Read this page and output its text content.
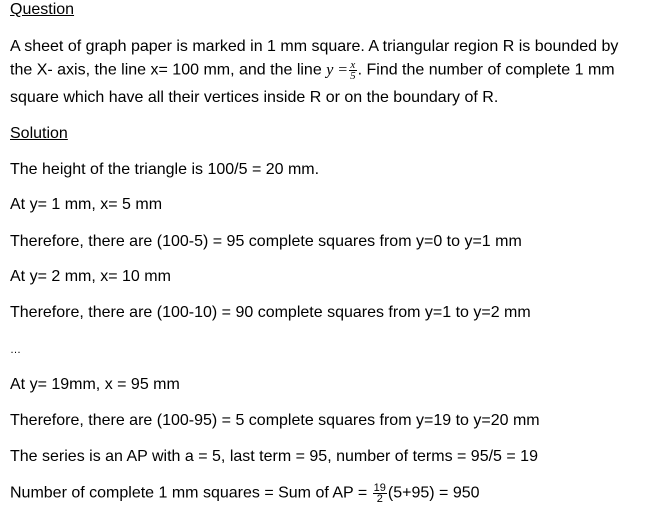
Question
A sheet of graph paper is marked in 1 mm square. A triangular region R is bounded by
the X- axis, the line x= 100 mm, and the line $y = \frac{x}{5}$ . Find the number of complete 1 mm
square which have all their vertices inside R or on the boundary of R.
Solution
The height of the triangle is 100/5 = 20 mm.
At y= 1 mm, x= 5 mm
Therefore, there are (100-5) = 95 complete squares from y=0 to y=1 mm
At y= 2 mm, x= 10 mm
Therefore, there are (100-10) = 90 complete squares from y=1 to y=2 mm
…
At y= 19mm, x = 95 mm
Therefore, there are (100-95) = 5 complete squares from y=19 to y=20 mm
The series is an AP with a = 5, last term = 95, number of terms = 95/5 = 19
Number of complete 1 mm squares = Sum of AP = $\frac{19}{2} (5+95) = 950$
